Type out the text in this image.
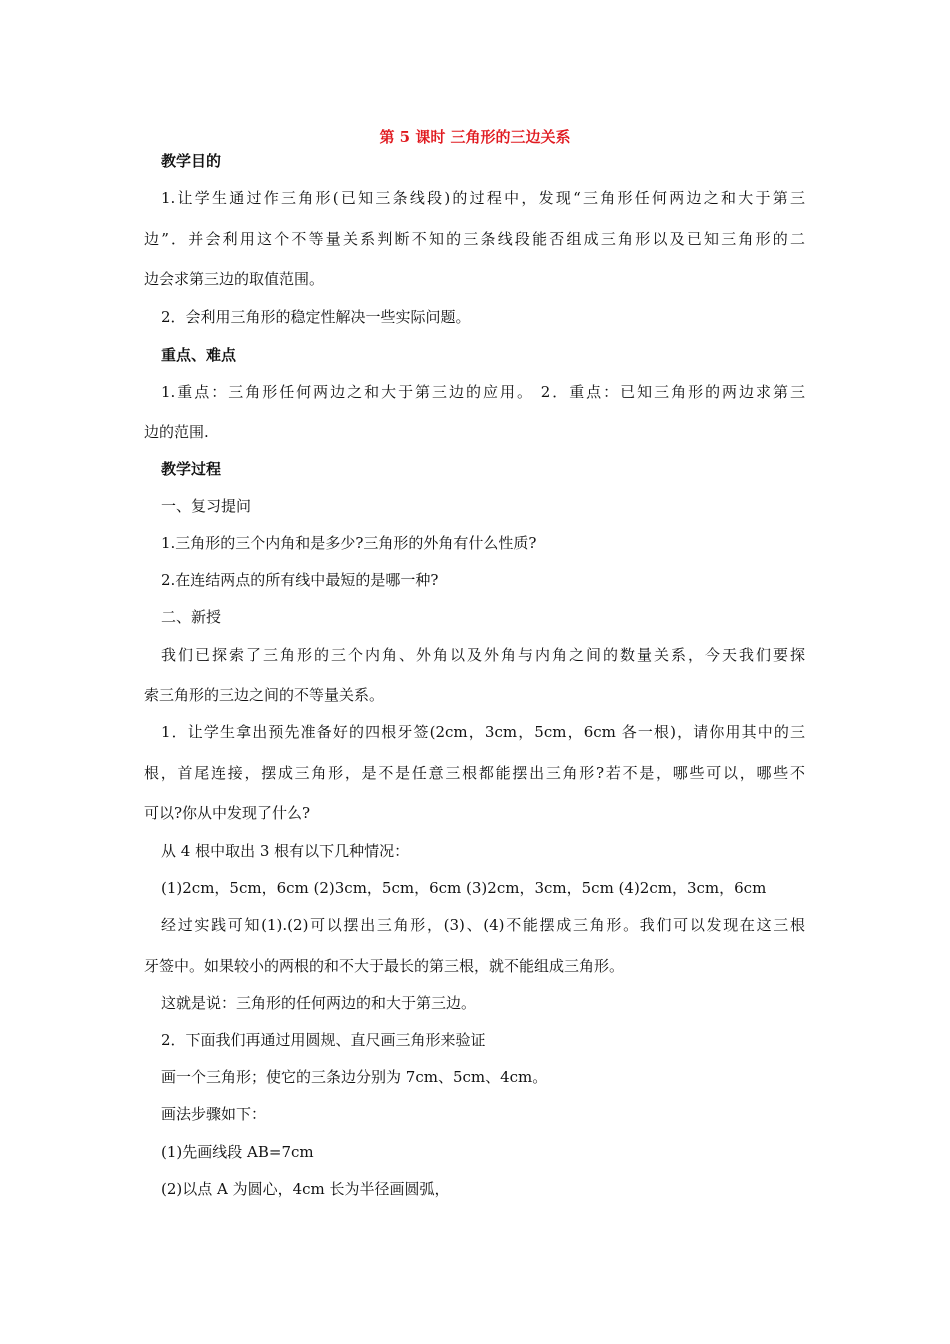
第 5 课时 三角形的三边关系
教学目的
1.让学生通过作三角形(已知三条线段)的过程中，发现“三角形任何两边之和大于第三
边”．并会利用这个不等量关系判断不知的三条线段能否组成三角形以及已知三角形的二
边会求第三边的取值范围。
2．会利用三角形的稳定性解决一些实际问题。
重点、难点
1.重点：三角形任何两边之和大于第三边的应用。 2．重点：已知三角形的两边求第三
边的范围.
教学过程
一、复习提问
1.三角形的三个内角和是多少?三角形的外角有什么性质?
2.在连结两点的所有线中最短的是哪一种?
二、新授
我们已探索了三角形的三个内角、外角以及外角与内角之间的数量关系，今天我们要探
索三角形的三边之间的不等量关系。
1．让学生拿出预先准备好的四根牙签(2cm，3cm，5cm，6cm 各一根)，请你用其中的三
根，首尾连接，摆成三角形，是不是任意三根都能摆出三角形?若不是，哪些可以，哪些不
可以?你从中发现了什么?
从 4 根中取出 3 根有以下几种情况：
(1)2cm，5cm，6cm (2)3cm，5cm，6cm (3)2cm，3cm，5cm (4)2cm，3cm，6cm
经过实践可知(1).(2)可以摆出三角形，(3)、(4)不能摆成三角形。我们可以发现在这三根
牙签中。如果较小的两根的和不大于最长的第三根，就不能组成三角形。
这就是说：三角形的任何两边的和大于第三边。
2．下面我们再通过用圆规、直尺画三角形来验证
画一个三角形；使它的三条边分别为 7cm、5cm、4cm。
画法步骤如下：
(1)先画线段 AB=7cm
(2)以点 A 为圆心，4cm 长为半径画圆弧，
